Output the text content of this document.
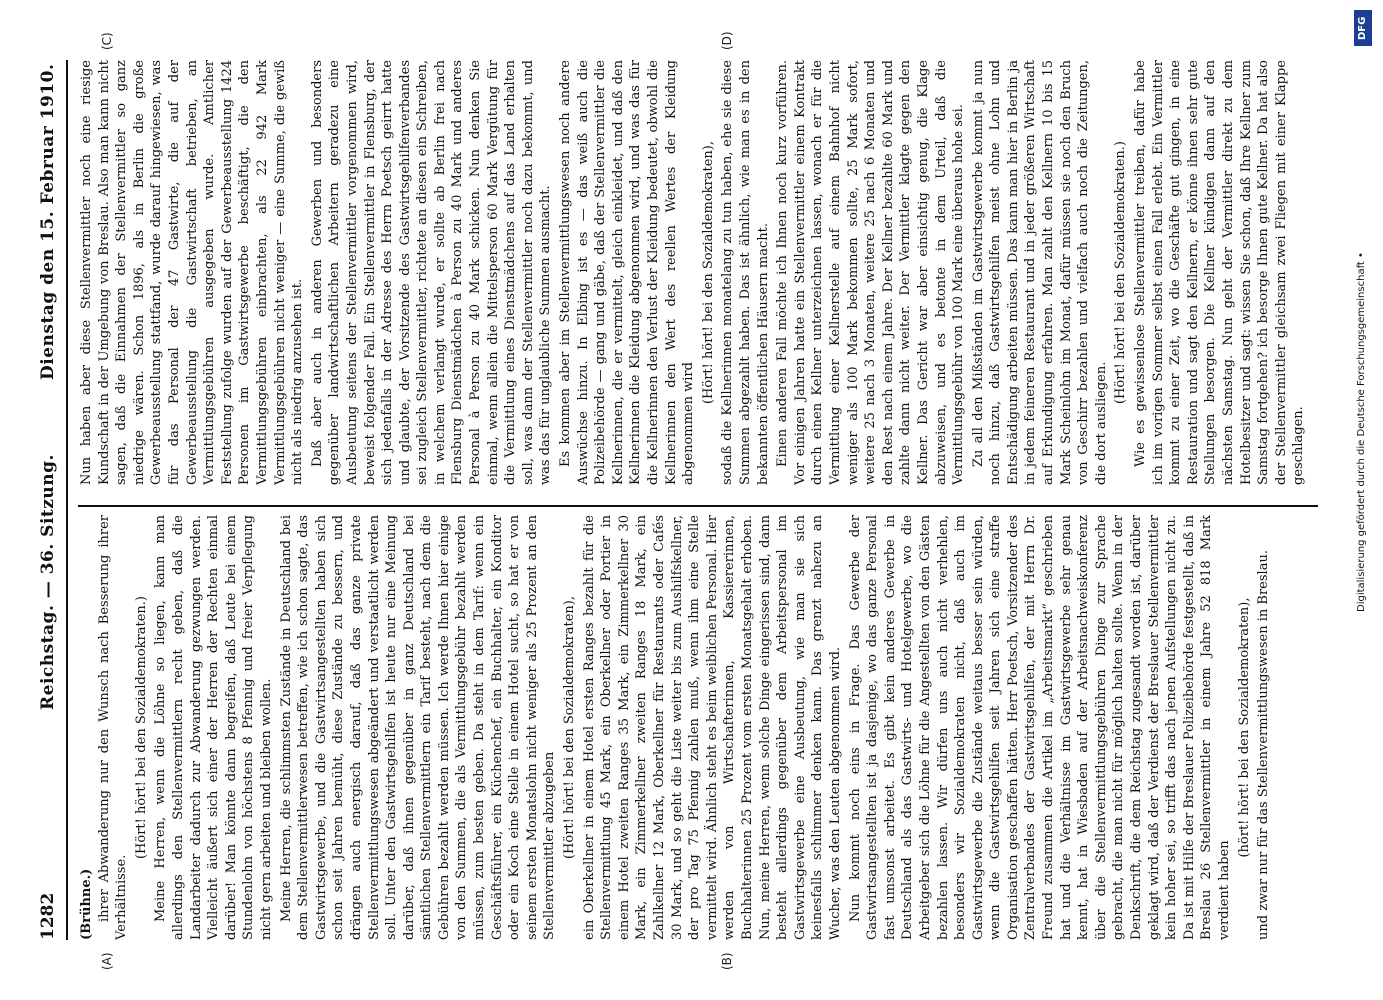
1282
Reichstag. — 36. Sitzung.
Dienstag den 15. Februar 1910.
(A)	(B)
(C)	(D)
(Brühne.) ihrer Abwanderung nur den Wunsch nach Besserung ihrer Verhältnisse.

(Hört! hört! bei den Sozialdemokraten.) Meine Herren, wenn die Löhne so liegen, kann man allerdings den Stellenvermittlern recht geben, daß die Landarbeiter dadurch zur Abwanderung gezwungen werden. Vielleicht äußert sich einer der Herren der Rechten einmal darüber! Man könnte dann begreifen, daß Leute bei einem Stundenlohn von höchstens 8 Pfennig und freier Verpflegung nicht gern arbeiten und bleiben wollen. Meine Herren, die schlimmsten Zustände in Deutschland bei dem Stellenvermittlerwesen betreffen, wie ich schon sagte, das Gastwirtsgewerbe, und die Gastwirtsangestellten haben sich schon seit Jahren bemüht, diese Zustände zu bessern, und drängen auch energisch darauf, daß das ganze private Stellenvermittlungswesen abgeändert und verstaatlicht werden soll. Unter den Gastwirtsgehilfen ist heute nur eine Meinung darüber, daß ihnen gegenüber in ganz Deutschland bei sämtlichen Stellenvermittlern ein Tarif besteht, nach dem die Gebühren bezahlt werden müssen. Ich werde Ihnen hier einige von den Summen, die als Vermittlungsgebühr bezahlt werden müssen, zum besten geben. Da steht in dem Tarif: wenn ein Geschäftsführer, ein Küchenchef, ein Buchhalter, ein Konditor oder ein Koch eine Stelle in einem Hotel sucht, so hat er von seinem ersten Monatslohn nicht weniger als 25 Prozent an den Stellenvermittler abzugeben (Hört! hört! bei den Sozialdemokraten), ein Oberkellner in einem Hotel ersten Ranges bezahlt für die Stellenvermittlung 45 Mark, ein Oberkellner oder Portier in einem Hotel zweiten Ranges 35 Mark, ein Zimmerkellner 30 Mark, ein Zimmerkellner zweiten Ranges 18 Mark, ein Zahlkellner 12 Mark, Oberkellner für Restaurants oder Cafés 30 Mark, und so geht die Liste weiter bis zum Aushilfskellner, der pro Tag 75 Pfennig zahlen muß, wenn ihm eine Stelle vermittelt wird. Ähnlich steht es beim weiblichen Personal. Hier werden von Wirtschafterinnen, Kassiererinnen, Buchhalterinnen 25 Prozent vom ersten Monatsgehalt erhoben. Nun, meine Herren, wenn solche Dinge eingerissen sind, dann besteht allerdings gegenüber dem Arbeitspersonal im Gastwirtsgewerbe eine Ausbeutung, wie man sie sich keinesfalls schlimmer denken kann. Das grenzt nahezu an Wucher, was den Leuten abgenommen wird. Nun kommt noch eins in Frage. Das Gewerbe der Gastwirtsangestellten ist ja dasjenige, wo das ganze Personal fast umsonst arbeitet. Es gibt kein anderes Gewerbe in Deutschland als das Gastwirts- und Hotelgewerbe, wo die Arbeitgeber sich die Löhne für die Angestellten von den Gästen bezahlen lassen. Wir dürfen uns auch nicht verhehlen, besonders wir Sozialdemokraten nicht, daß auch im Gastwirtsgewerbe die Zustände weitaus besser sein würden, wenn die Gastwirtsgehilfen seit Jahren sich eine straffe Organisation geschaffen hätten. Herr Poetsch, Vorsitzender des Zentralverbandes der Gastwirtsgehilfen, der mit Herrn Dr. Freund zusammen die Artikel im „Arbeitsmarkt“ geschrieben hat und die Verhältnisse im Gastwirtsgewerbe sehr genau kennt, hat in Wiesbaden auf der Arbeitsnachweiskonferenz über die Stellenvermittlungsgebühren Dinge zur Sprache gebracht, die man nicht für möglich halten sollte. Wenn in der Denkschrift, die dem Reichstag zugesandt worden ist, darüber geklagt wird, daß der Verdienst der Breslauer Stellenvermittler kein hoher sei, so trifft das nach jenen Aufstellungen nicht zu. Da ist mit Hilfe der Breslauer Polizeibehörde festgestellt, daß in Breslau 26 Stellenvermittler in einem Jahre 52 818 Mark verdient haben

(hört! hört! bei den Sozialdemokraten), und zwar nur für das Stellenvermittlungswesen in Breslau.

Nun haben aber diese Stellenvermittler noch eine riesige Kundschaft in der Umgebung von Breslau. Also man kann nicht sagen, daß die Einnahmen der Stellenvermittler so ganz niedrige wären. Schon 1896, als in Berlin die große Gewerbeausstellung stattfand, wurde darauf hingewiesen, was für das Personal der 47 Gastwirte, die auf der Gewerbeausstellung die Gastwirtschaft betrieben, an Vermittlungsgebühren ausgegeben wurde. Amtlicher Feststellung zufolge wurden auf der Gewerbeausstellung 1424 Personen im Gastwirtsgewerbe beschäftigt, die den Vermittlungsgebühren einbrachten, als 22 942 Mark Vermittlungsgebühren nicht weniger — eine Summe, die gewiß nicht als niedrig anzusehen ist. Daß aber auch in anderen Gewerben und besonders gegenüber landwirtschaftlichen Arbeitern geradezu eine Ausbeutung seitens der Stellenvermittler vorgenommen wird, beweist folgender Fall. Ein Stellenvermittler in Flensburg, der sich jedenfalls in der Adresse des Herrn Poetsch geirrt hatte und glaubte, der Vorsitzende des Gastwirtsgehilfenverbandes sei zugleich Stellenvermittler, richtete an diesen ein Schreiben, in welchem verlangt wurde, er sollte ab Berlin frei nach Flensburg Dienstmädchen à Person zu 40 Mark und anderes Personal à Person zu 40 Mark schicken. Nun denken Sie einmal, wenn allein die Mittelsperson 60 Mark Vergütung für die Vermittlung eines Dienstmädchens auf das Land erhalten soll, was dann der Stellenvermittler noch dazu bekommt, und was das für unglaubliche Summen ausmacht. Es kommen aber im Stellenvermittlungswesen noch andere Auswüchse hinzu. In Elbing ist es — das weiß auch die Polizeibehörde — gang und gäbe, daß der Stellenvermittler die Kellnerinnen, die er vermittelt, gleich einkleidet, und daß den Kellnerinnen die Kleidung abgenommen wird, und was das für die Kellnerinnen den Verlust der Kleidung bedeutet, obwohl die Kellnerinnen den Wert des reellen Wertes der Kleidung abgenommen wird

(Hört! hört! bei den Sozialdemokraten), sodaß die Kellnerinnen monatelang zu tun haben, ehe sie diese Summen abgezahlt haben. Das ist ähnlich, wie man es in den bekannten öffentlichen Häusern macht. Einen anderen Fall möchte ich Ihnen noch kurz vorführen. Vor einigen Jahren hatte ein Stellenvermittler einem Kontrakt durch einen Kellner unterzeichnen lassen, wonach er für die Vermittlung einer Kellnerstelle auf einem Bahnhof nicht weniger als 100 Mark bekommen sollte, 25 Mark sofort, weitere 25 nach 3 Monaten, weitere 25 nach 6 Monaten und den Rest nach einem Jahre. Der Kellner bezahlte 60 Mark und zahlte dann nicht weiter. Der Vermittler klagte gegen den Kellner. Das Gericht war aber einsichtig genug, die Klage abzuweisen, und es betonte in dem Urteil, daß die Vermittlungsgebühr von 100 Mark eine überaus hohe sei. Zu all den Mißständen im Gastwirtsgewerbe kommt ja nun noch hinzu, daß Gastwirtsgehilfen meist ohne Lohn und Entschädigung arbeiten müssen. Das kann man hier in Berlin ja in jedem feineren Restaurant und in jeder größeren Wirtschaft auf Erkundigung erfahren. Man zahlt den Kellnern 10 bis 15 Mark Scheinlohn im Monat, dafür müssen sie noch den Bruch von Geschirr bezahlen und vielfach auch noch die Zeitungen, die dort ausliegen.

(Hört! hört! bei den Sozialdemokraten.) Wie es gewissenlose Stellenvermittler treiben, dafür habe ich im vorigen Sommer selbst einen Fall erlebt. Ein Vermittler kommt zu einer Zeit, wo die Geschäfte gut gingen, in eine Restauration und sagt den Kellnern, er könne ihnen sehr gute Stellungen besorgen. Die Kellner kündigen dann auf den nächsten Samstag. Nun geht der Vermittler direkt zu dem Hotelbesitzer und sagt: wissen Sie schon, daß Ihre Kellner zum Samstag fortgehen? ich besorge Ihnen gute Kellner. Da hat also der Stellenvermittler gleichsam zwei Fliegen mit einer Klappe geschlagen.

DFG
Digitalisierung gefördert durch die Deutsche Forschungsgemeinschaft •
